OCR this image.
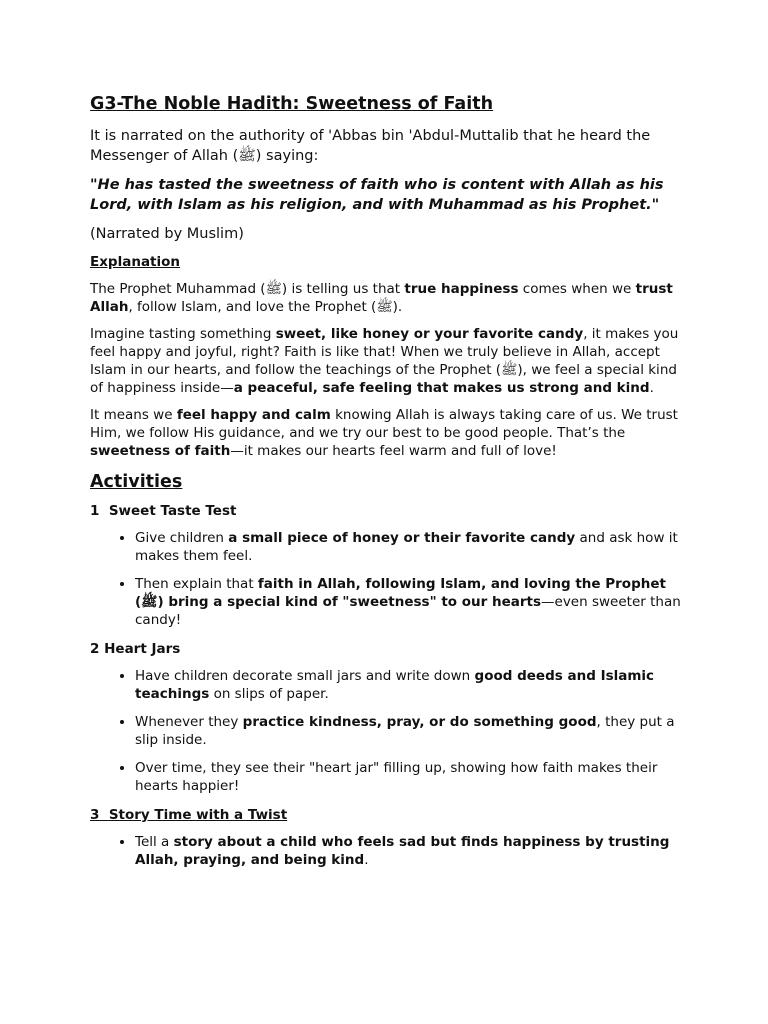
G3-The Noble Hadith: Sweetness of Faith

It is narrated on the authority of 'Abbas bin 'Abdul-Muttalib that he heard the Messenger of Allah (ﷺ) saying:

"He has tasted the sweetness of faith who is content with Allah as his Lord, with Islam as his religion, and with Muhammad as his Prophet."

(Narrated by Muslim)

Explanation

The Prophet Muhammad (ﷺ) is telling us that true happiness comes when we trust Allah, follow Islam, and love the Prophet (ﷺ).

Imagine tasting something sweet, like honey or your favorite candy, it makes you feel happy and joyful, right? Faith is like that! When we truly believe in Allah, accept Islam in our hearts, and follow the teachings of the Prophet (ﷺ), we feel a special kind of happiness inside—a peaceful, safe feeling that makes us strong and kind.

It means we feel happy and calm knowing Allah is always taking care of us. We trust Him, we follow His guidance, and we try our best to be good people. That’s the sweetness of faith—it makes our hearts feel warm and full of love!

Activities
1 Sweet Taste Test
• Give children a small piece of honey or their favorite candy and ask how it makes them feel.
• Then explain that faith in Allah, following Islam, and loving the Prophet (ﷺ) bring a special kind of "sweetness" to our hearts—even sweeter than candy!
2 Heart Jars
• Have children decorate small jars and write down good deeds and Islamic teachings on slips of paper.
• Whenever they practice kindness, pray, or do something good, they put a slip inside.
• Over time, they see their "heart jar" filling up, showing how faith makes their hearts happier!
3 Story Time with a Twist
• Tell a story about a child who feels sad but finds happiness by trusting Allah, praying, and being kind.
